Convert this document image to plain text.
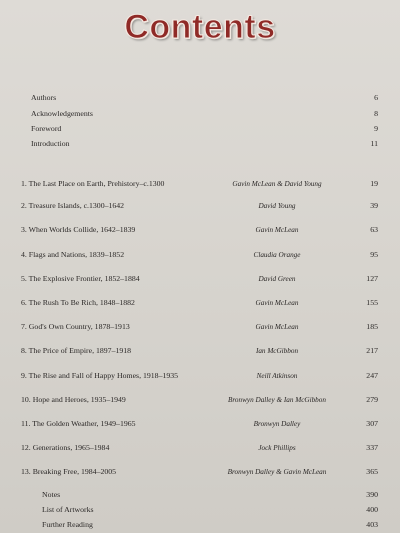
Contents
Authors	6
Acknowledgements	8
Foreword	9
Introduction	11
1. The Last Place on Earth, Prehistory–c.1300	Gavin McLean & David Young	19
2. Treasure Islands, c.1300–1642	David Young	39
3. When Worlds Collide, 1642–1839	Gavin McLean	63
4. Flags and Nations, 1839–1852	Claudia Orange	95
5. The Explosive Frontier, 1852–1884	David Green	127
6. The Rush To Be Rich, 1848–1882	Gavin McLean	155
7. God's Own Country, 1878–1913	Gavin McLean	185
8. The Price of Empire, 1897–1918	Ian McGibbon	217
9. The Rise and Fall of Happy Homes, 1918–1935	Neill Atkinson	247
10. Hope and Heroes, 1935–1949	Bronwyn Dalley & Ian McGibbon	279
11. The Golden Weather, 1949–1965	Bronwyn Dalley	307
12. Generations, 1965–1984	Jock Phillips	337
13. Breaking Free, 1984–2005	Bronwyn Dalley & Gavin McLean	365
Notes	390
List of Artworks	400
Further Reading	403
